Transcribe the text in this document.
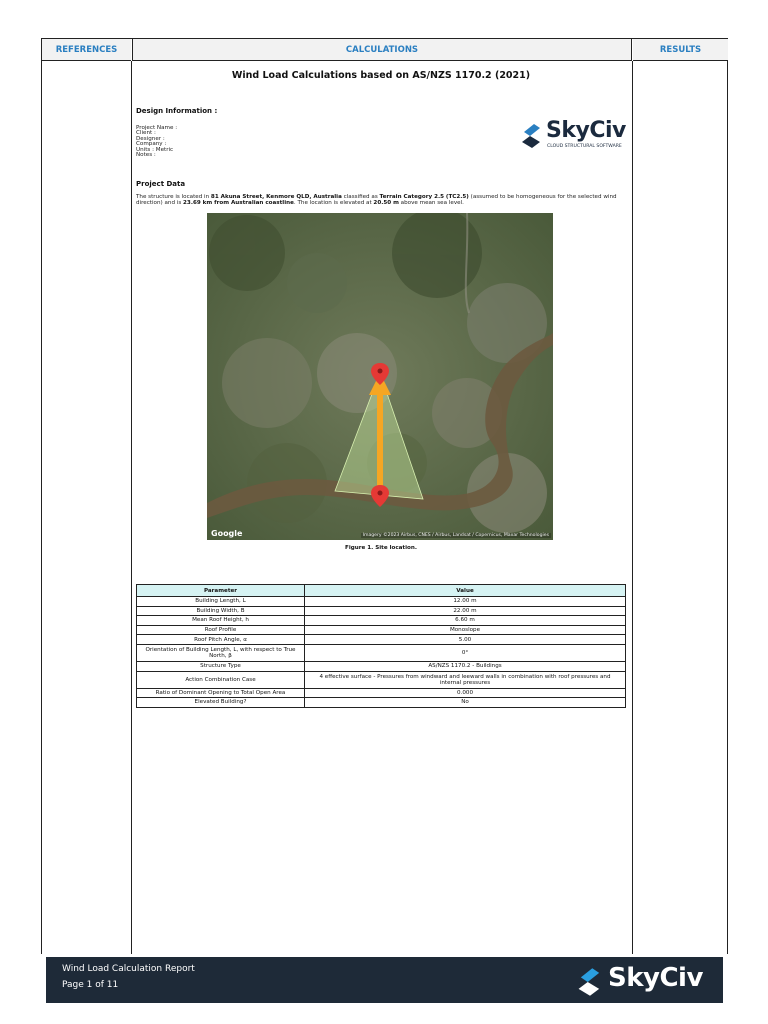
REFERENCES	CALCULATIONS	RESULTS
Wind Load Calculations based on AS/NZS 1170.2 (2021)
Design Information :
Project Name :
Client :
Designer :
Company :
Units : Metric
Notes :
SkyCiv
CLOUD STRUCTURAL SOFTWARE
Project Data
The structure is located in 81 Akuna Street, Kenmore QLD, Australia classified as Terrain Category 2.5 (TC2.5) (assumed to be homogeneous for the selected wind direction) and is 23.69 km from Australian coastline. The location is elevated at 20.50 m above mean sea level.
Google	Imagery ©2023 Airbus, CNES / Airbus, Landsat / Copernicus, Maxar Technologies
Figure 1. Site location.
Parameter	Value
Building Length, L	12.00 m
Building Width, B	22.00 m
Mean Roof Height, h	6.60 m
Roof Profile	Monoslope
Roof Pitch Angle, α	5.00
Orientation of Building Length, L, with respect to True North, β	0°
Structure Type	AS/NZS 1170.2 - Buildings
Action Combination Case	4 effective surface - Pressures from windward and leeward walls in combination with roof pressures and internal pressures
Ratio of Dominant Opening to Total Open Area	0.000
Elevated Building?	No
Wind Load Calculation Report
Page 1 of 11	SkyCiv
